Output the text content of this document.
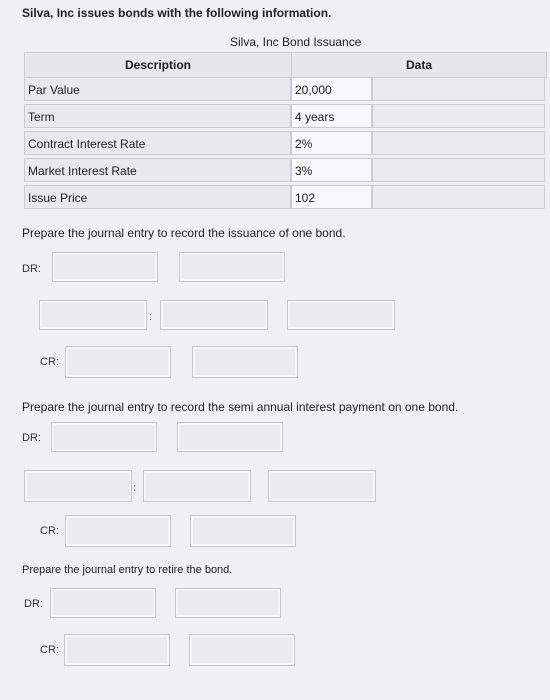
Silva, Inc issues bonds with the following information.
Silva, Inc Bond Issuance
Description	Data
Par Value	20,000
Term	4 years
Contract Interest Rate	2%
Market Interest Rate	3%
Issue Price	102
Prepare the journal entry to record the issuance of one bond.
DR:
:
CR:
Prepare the journal entry to record the semi annual interest payment on one bond.
DR:
:
CR:
Prepare the journal entry to retire the bond.
DR:
CR:
